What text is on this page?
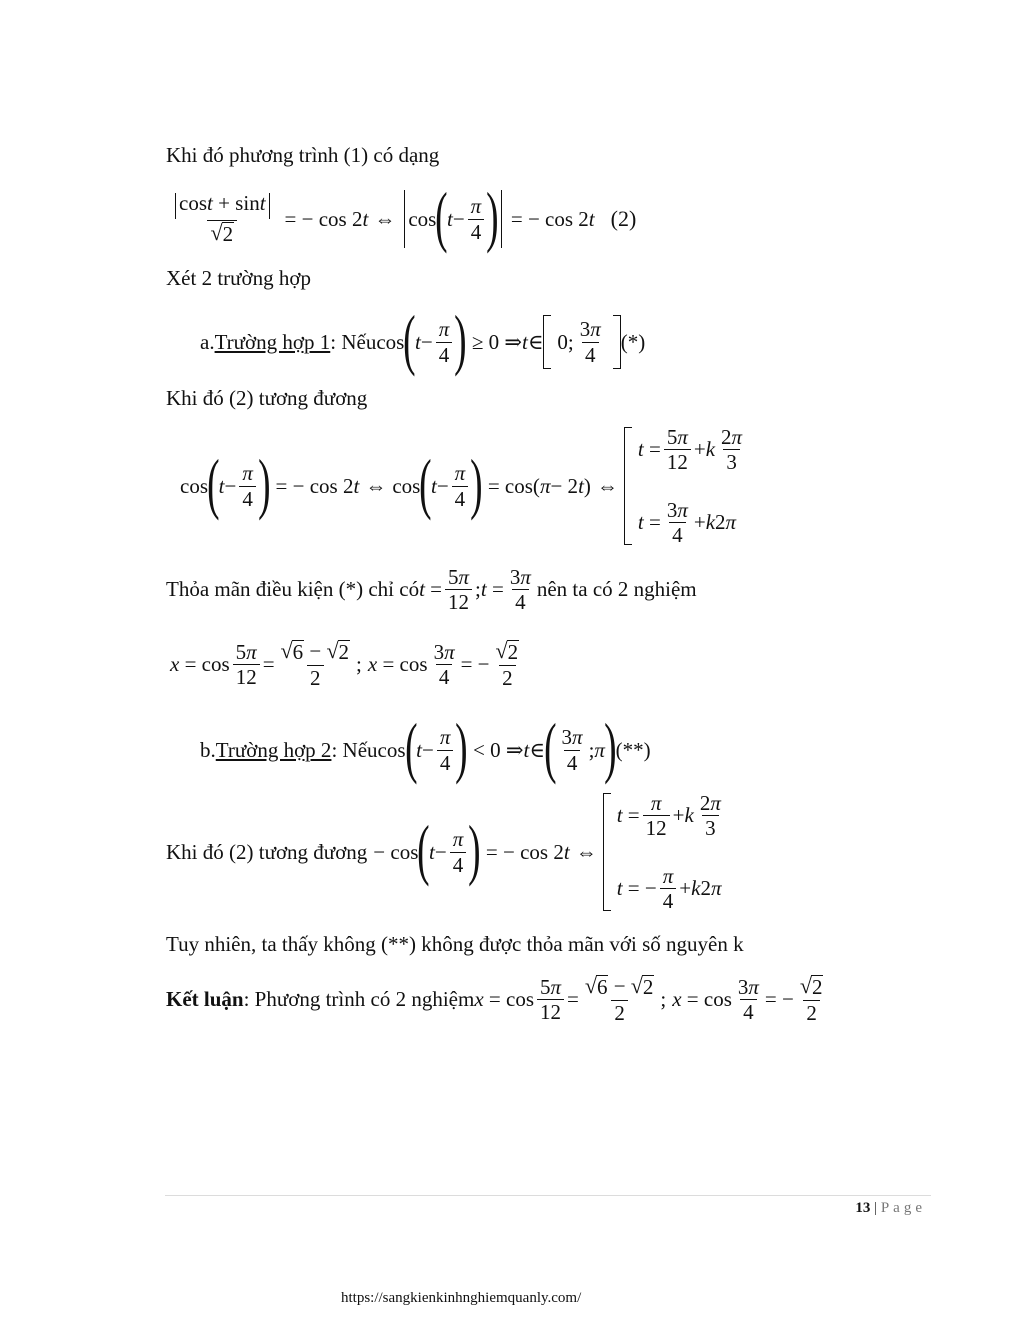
Khi đó phương trình (1) có dạng
$\frac{\cos t + \sin t}{√ 2}$ = − cos 2 t ⇔ cos ( $t - \frac{\pi}{4}$ ) = − cos 2 t (2)
Xét 2 trường hợp
a. Trường hợp 1 : Nếu cos ( $t - \frac{\pi}{4}$ ) ≥ 0 ⇒ t ∈
0; $\frac{3\pi}{4}$ (*)
Khi đó (2) tương đương
cos ( $t - \frac{\pi}{4}$ ) = − cos 2 t ⇔
cos ( $t - \frac{\pi}{4}$ ) = cos( π − 2 t ) ⇔
$t = \frac{5\pi}{12} + k \frac{2\pi}{3}$
$t = \frac{3\pi}{4} + k$ 2 π
Thỏa mãn điều kiện (*) chỉ có $t = \frac{5\pi}{12}$ ; $t = \frac{3\pi}{4}$ nên ta có 2 nghiệm
$x = \cos \frac{5\pi}{12} = \frac{√ 6 - √ 2}{2}$ ; $x = \cos \frac{3\pi}{4}$ = − $\frac{√ 2}{2}$
b. Trường hợp 2 : Nếu cos ( $t - \frac{\pi}{4}$ ) < 0 ⇒ t ∈ ( $\frac{3\pi}{4}$ ; π ) (**)
Khi đó (2) tương đương − cos ( $t - \frac{\pi}{4}$ ) = − cos 2 t ⇔
$t = \frac{\pi}{12} + k \frac{2\pi}{3}$
t = − $\frac{\pi}{4} + k$ 2 π
Tuy nhiên, ta thấy không (**) không được thỏa mãn với số nguyên k
Kết luận : Phương trình có 2 nghiệm $x = \cos \frac{5\pi}{12} = \frac{√ 6 - √ 2}{2}$ ; $x = \cos \frac{3\pi}{4}$ = − $\frac{√ 2}{2}$
13 | Page
https://sangkienkinhnghiemquanly.com/
